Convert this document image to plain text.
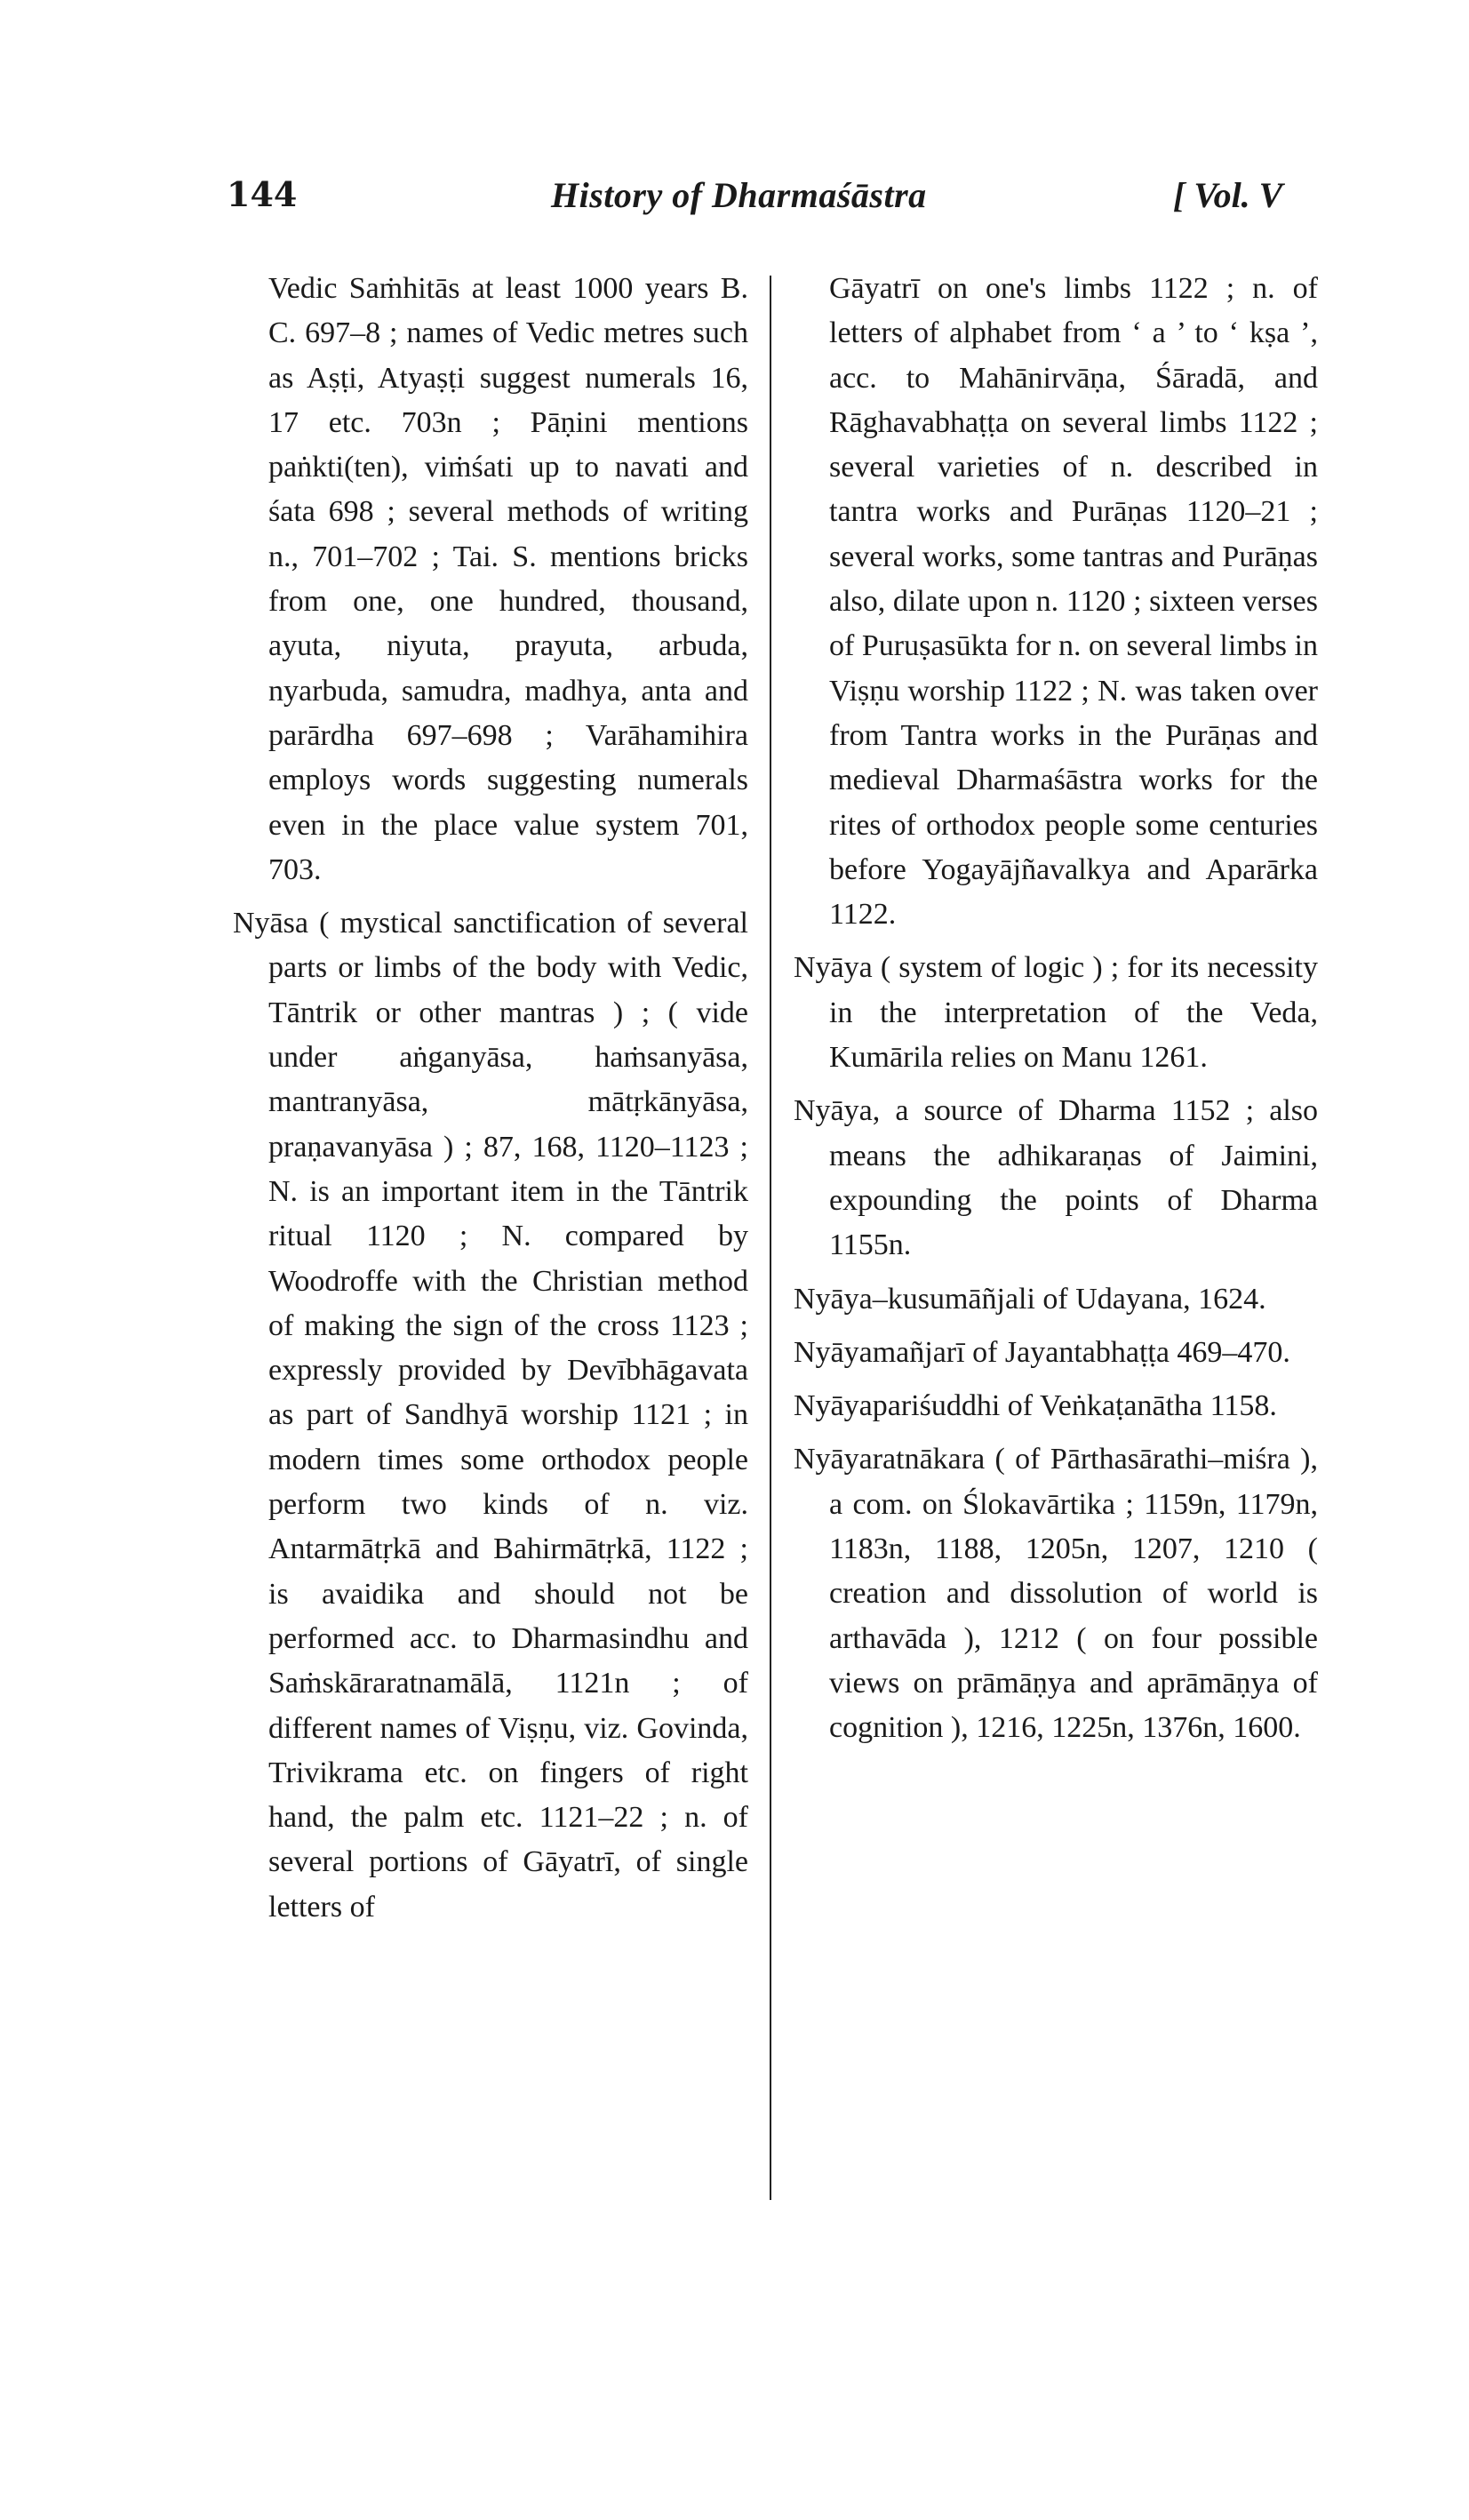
144	History of Dharmaśāstra	[ Vol. V

Vedic Saṁhitās at least 1000 years B. C. 697–8 ; names of Vedic metres such as Aṣṭi, Atyaṣṭi suggest numerals 16, 17 etc. 703n ; Pāṇini mentions paṅkti(ten), viṁśati up to navati and śata 698 ; several methods of writing n., 701–702 ; Tai. S. mentions bricks from one, one hundred, thousand, ayuta, niyuta, prayuta, arbuda, nyarbuda, samudra, madhya, anta and parārdha 697–698 ; Varāhamihira employs words suggesting numerals even in the place value system 701, 703.

Nyāsa ( mystical sanctification of several parts or limbs of the body with Vedic, Tāntrik or other mantras ) ; ( vide under aṅganyāsa, haṁsanyāsa, mantranyāsa, mātṛkānyāsa, praṇavanyāsa ) ; 87, 168, 1120–1123 ; N. is an important item in the Tāntrik ritual 1120 ; N. compared by Woodroffe with the Christian method of making the sign of the cross 1123 ; expressly provided by Devībhāgavata as part of Sandhyā worship 1121 ; in modern times some orthodox people perform two kinds of n. viz. Antarmātṛkā and Bahirmātṛkā, 1122 ; is avaidika and should not be performed acc. to Dharmasindhu and Saṁskāraratnamālā, 1121n ; of different names of Viṣṇu, viz. Govinda, Trivikrama etc. on fingers of right hand, the palm etc. 1121–22 ; n. of several portions of Gāyatrī, of single letters of

Gāyatrī on one's limbs 1122 ; n. of letters of alphabet from ‘ a ’ to ‘ kṣa ’, acc. to Mahānirvāṇa, Śāradā, and Rāghavabhaṭṭa on several limbs 1122 ; several varieties of n. described in tantra works and Purāṇas 1120–21 ; several works, some tantras and Purāṇas also, dilate upon n. 1120 ; sixteen verses of Puruṣasūkta for n. on several limbs in Viṣṇu worship 1122 ; N. was taken over from Tantra works in the Purāṇas and medieval Dharmaśāstra works for the rites of orthodox people some centuries before Yogayājñavalkya and Aparārka 1122.

Nyāya ( system of logic ) ; for its necessity in the interpretation of the Veda, Kumārila relies on Manu 1261.

Nyāya, a source of Dharma 1152 ; also means the adhikaraṇas of Jaimini, expounding the points of Dharma 1155n.

Nyāya–kusumāñjali of Udayana, 1624.

Nyāyamañjarī of Jayantabhaṭṭa 469–470.

Nyāyapariśuddhi of Veṅkaṭanātha 1158.

Nyāyaratnākara ( of Pārthasārathi–miśra ), a com. on Ślokavārtika ; 1159n, 1179n, 1183n, 1188, 1205n, 1207, 1210 ( creation and dissolution of world is arthavāda ), 1212 ( on four possible views on prāmāṇya and aprāmāṇya of cognition ), 1216, 1225n, 1376n, 1600.
